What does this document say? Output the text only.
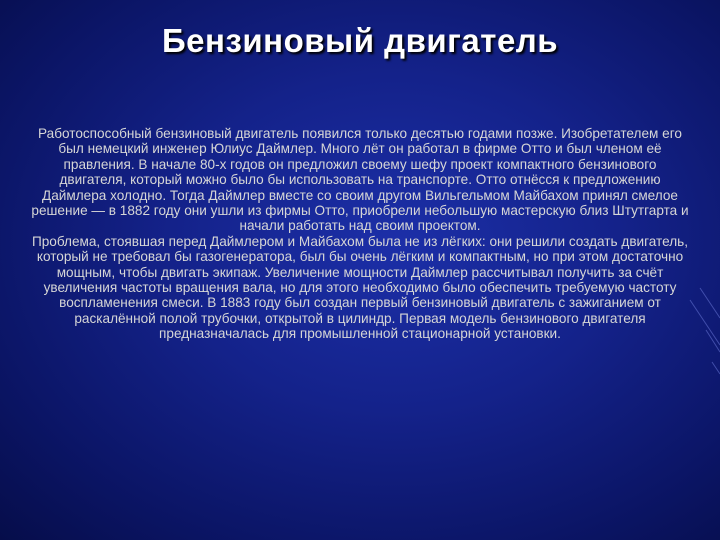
Бензиновый двигатель

Работоспособный бензиновый двигатель появился только десятью годами позже. Изобретателем его был немецкий инженер Юлиус Даймлер. Много лёт он работал в фирме Отто и был членом её правления. В начале 80-х годов он предложил своему шефу проект компактного бензинового двигателя, который можно было бы использовать на транспорте. Отто отнёсся к предложению Даймлера холодно. Тогда Даймлер вместе со своим другом Вильгельмом Майбахом принял смелое решение — в 1882 году они ушли из фирмы Отто, приобрели небольшую мастерскую близ Штутгарта и начали работать над своим проектом.

Проблема, стоявшая перед Даймлером и Майбахом была не из лёгких: они решили создать двигатель, который не требовал бы газогенератора, был бы очень лёгким и компактным, но при этом достаточно мощным, чтобы двигать экипаж. Увеличение мощности Даймлер рассчитывал получить за счёт увеличения частоты вращения вала, но для этого необходимо было обеспечить требуемую частоту воспламенения смеси. В 1883 году был создан первый бензиновый двигатель с зажиганием от раскалённой полой трубочки, открытой в цилиндр. Первая модель бензинового двигателя предназначалась для промышленной стационарной установки.
